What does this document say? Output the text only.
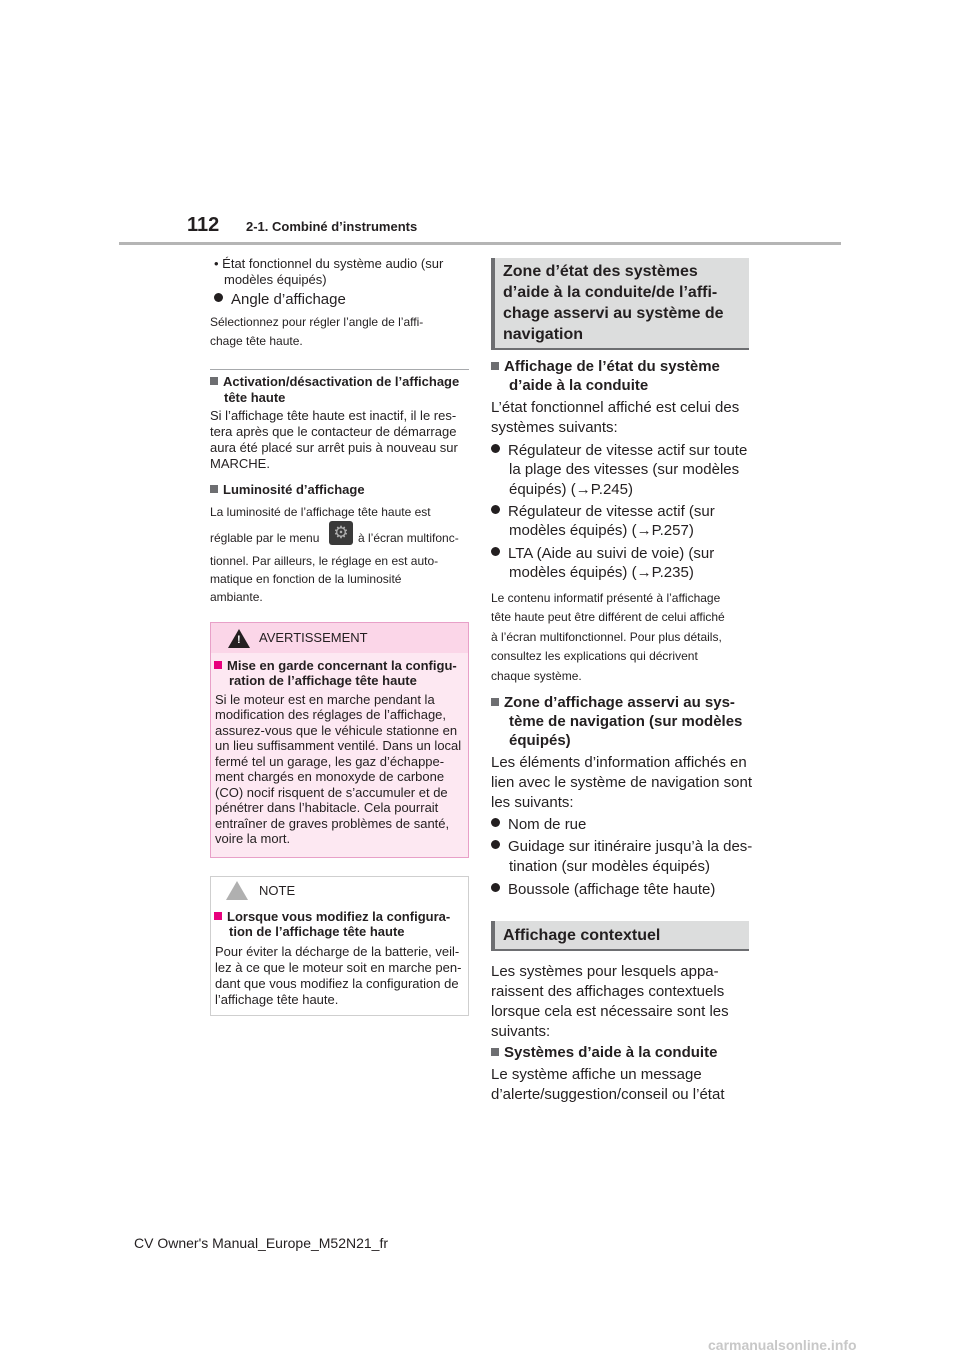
112 2-1. Combiné d’instruments
• État fonctionnel du système audio (sur
modèles équipés)
Angle d’affichage
Sélectionnez pour régler l’angle de l’affi-
chage tête haute.
Activation/désactivation de l’affichage
tête haute
Si l’affichage tête haute est inactif, il le res-
tera après que le contacteur de démarrage
aura été placé sur arrêt puis à nouveau sur
MARCHE.
Luminosité d’affichage
La luminosité de l’affichage tête haute est
réglable par le menu ⚙ à l’écran multifonc-
tionnel. Par ailleurs, le réglage en est auto-
matique en fonction de la luminosité
ambiante.
! AVERTISSEMENT
Mise en garde concernant la configu-
ration de l’affichage tête haute
Si le moteur est en marche pendant la
modification des réglages de l’affichage,
assurez-vous que le véhicule stationne en
un lieu suffisamment ventilé. Dans un local
fermé tel un garage, les gaz d’échappe-
ment chargés en monoxyde de carbone
(CO) nocif risquent de s’accumuler et de
pénétrer dans l’habitacle. Cela pourrait
entraîner de graves problèmes de santé,
voire la mort.
NOTE
Lorsque vous modifiez la configura-
tion de l’affichage tête haute
Pour éviter la décharge de la batterie, veil-
lez à ce que le moteur soit en marche pen-
dant que vous modifiez la configuration de
l’affichage tête haute.
Zone d’état des systèmes
d’aide à la conduite/de l’affi-
chage asservi au système de
navigation
Affichage de l’état du système
d’aide à la conduite
L’état fonctionnel affiché est celui des
systèmes suivants:
Régulateur de vitesse actif sur toute
la plage des vitesses (sur modèles
équipés) (→P.245)
Régulateur de vitesse actif (sur
modèles équipés) (→P.257)
LTA (Aide au suivi de voie) (sur
modèles équipés) (→P.235)
Le contenu informatif présenté à l’affichage
tête haute peut être différent de celui affiché
à l’écran multifonctionnel. Pour plus détails,
consultez les explications qui décrivent
chaque système.
Zone d’affichage asservi au sys-
tème de navigation (sur modèles
équipés)
Les éléments d’information affichés en
lien avec le système de navigation sont
les suivants:
Nom de rue
Guidage sur itinéraire jusqu’à la des-
tination (sur modèles équipés)
Boussole (affichage tête haute)
Affichage contextuel
Les systèmes pour lesquels appa-
raissent des affichages contextuels
lorsque cela est nécessaire sont les
suivants:
Systèmes d’aide à la conduite
Le système affiche un message
d’alerte/suggestion/conseil ou l’état
CV Owner's Manual_Europe_M52N21_fr
carmanualsonline.info
